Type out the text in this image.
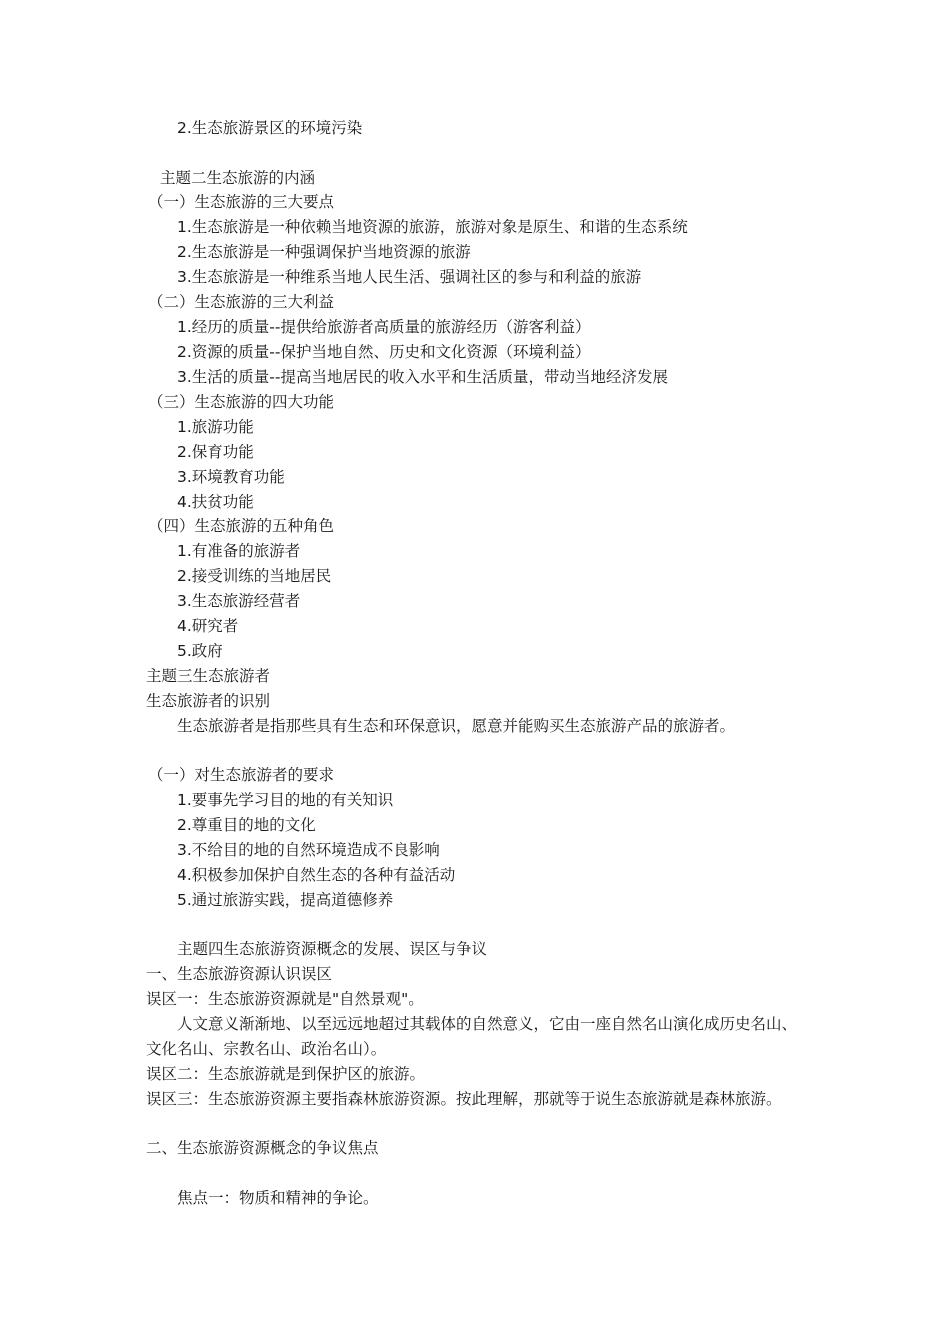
2.生态旅游景区的环境污染
主题二生态旅游的内涵
（一）生态旅游的三大要点
1.生态旅游是一种依赖当地资源的旅游，旅游对象是原生、和谐的生态系统
2.生态旅游是一种强调保护当地资源的旅游
3.生态旅游是一种维系当地人民生活、强调社区的参与和利益的旅游
（二）生态旅游的三大利益
1.经历的质量--提供给旅游者高质量的旅游经历（游客利益）
2.资源的质量--保护当地自然、历史和文化资源（环境利益）
3.生活的质量--提高当地居民的收入水平和生活质量，带动当地经济发展
（三）生态旅游的四大功能
1.旅游功能
2.保育功能
3.环境教育功能
4.扶贫功能
（四）生态旅游的五种角色
1.有准备的旅游者
2.接受训练的当地居民
3.生态旅游经营者
4.研究者
5.政府
主题三生态旅游者
生态旅游者的识别
生态旅游者是指那些具有生态和环保意识，愿意并能购买生态旅游产品的旅游者。
（一）对生态旅游者的要求
1.要事先学习目的地的有关知识
2.尊重目的地的文化
3.不给目的地的自然环境造成不良影响
4.积极参加保护自然生态的各种有益活动
5.通过旅游实践，提高道德修养
主题四生态旅游资源概念的发展、误区与争议
一、生态旅游资源认识误区
误区一：生态旅游资源就是"自然景观"。
人文意义渐渐地、以至远远地超过其载体的自然意义，它由一座自然名山演化成历史名山、文化名山、宗教名山、政治名山）。
误区二：生态旅游就是到保护区的旅游。
误区三：生态旅游资源主要指森林旅游资源。按此理解，那就等于说生态旅游就是森林旅游。
二、生态旅游资源概念的争议焦点
焦点一：物质和精神的争论。
